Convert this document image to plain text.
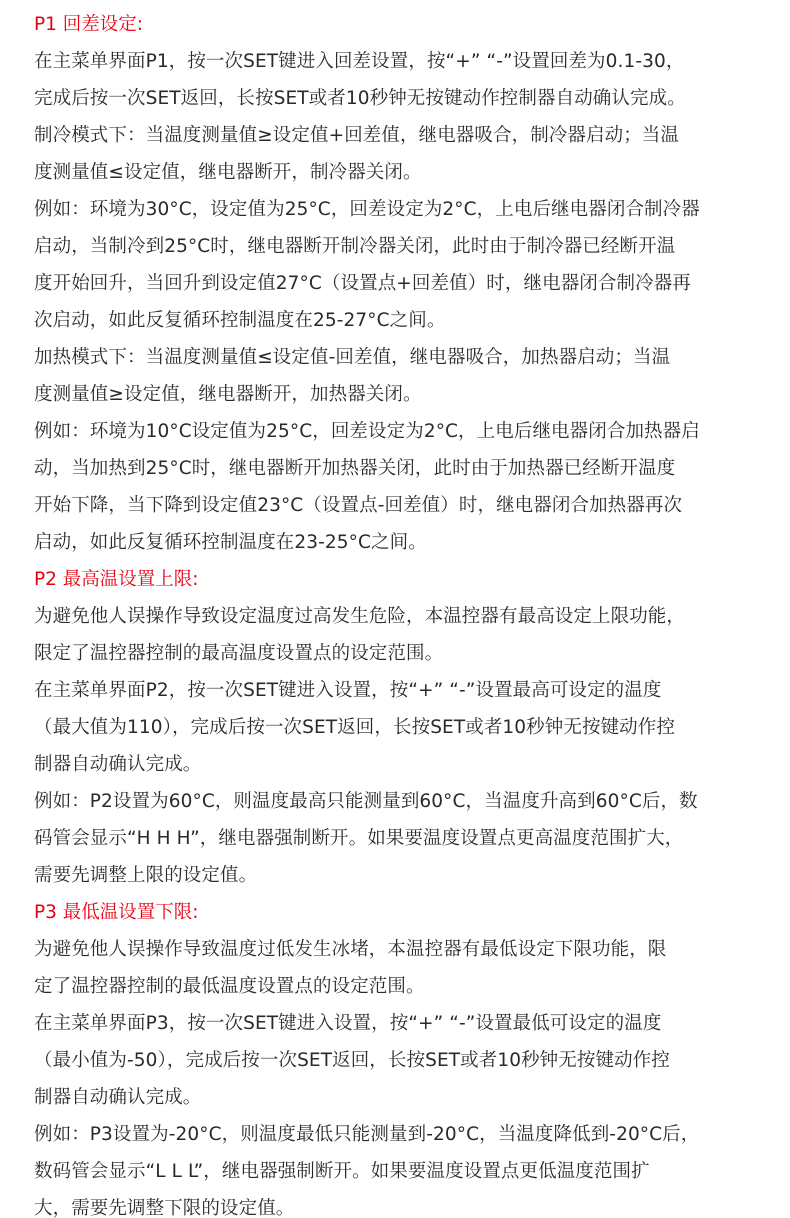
P1 回差设定:
在主菜单界面P1，按一次SET键进入回差设置，按“+” “-”设置回差为0.1-30，
完成后按一次SET返回，长按SET或者10秒钟无按键动作控制器自动确认完成。
制冷模式下：当温度测量值≥设定值+回差值，继电器吸合，制冷器启动；当温
度测量值≤设定值，继电器断开，制冷器关闭。
例如：环境为30°C，设定值为25°C，回差设定为2°C，上电后继电器闭合制冷器
启动，当制冷到25°C时，继电器断开制冷器关闭，此时由于制冷器已经断开温
度开始回升，当回升到设定值27°C（设置点+回差值）时，继电器闭合制冷器再
次启动，如此反复循环控制温度在25-27°C之间。
加热模式下：当温度测量值≤设定值-回差值，继电器吸合，加热器启动；当温
度测量值≥设定值，继电器断开，加热器关闭。
例如：环境为10°C设定值为25°C，回差设定为2°C，上电后继电器闭合加热器启
动，当加热到25°C时，继电器断开加热器关闭，此时由于加热器已经断开温度
开始下降，当下降到设定值23°C（设置点-回差值）时，继电器闭合加热器再次
启动，如此反复循环控制温度在23-25°C之间。
P2 最高温设置上限:
为避免他人误操作导致设定温度过高发生危险，本温控器有最高设定上限功能，
限定了温控器控制的最高温度设置点的设定范围。
在主菜单界面P2，按一次SET键进入设置，按“+” “-”设置最高可设定的温度
（最大值为110），完成后按一次SET返回，长按SET或者10秒钟无按键动作控
制器自动确认完成。
例如：P2设置为60°C，则温度最高只能测量到60°C，当温度升高到60°C后，数
码管会显示“H H H”，继电器强制断开。如果要温度设置点更高温度范围扩大，
需要先调整上限的设定值。
P3 最低温设置下限:
为避免他人误操作导致温度过低发生冰堵，本温控器有最低设定下限功能，限
定了温控器控制的最低温度设置点的设定范围。
在主菜单界面P3，按一次SET键进入设置，按“+” “-”设置最低可设定的温度
（最小值为-50），完成后按一次SET返回，长按SET或者10秒钟无按键动作控
制器自动确认完成。
例如：P3设置为-20°C，则温度最低只能测量到-20°C，当温度降低到-20°C后，
数码管会显示“L L L”，继电器强制断开。如果要温度设置点更低温度范围扩
大，需要先调整下限的设定值。
